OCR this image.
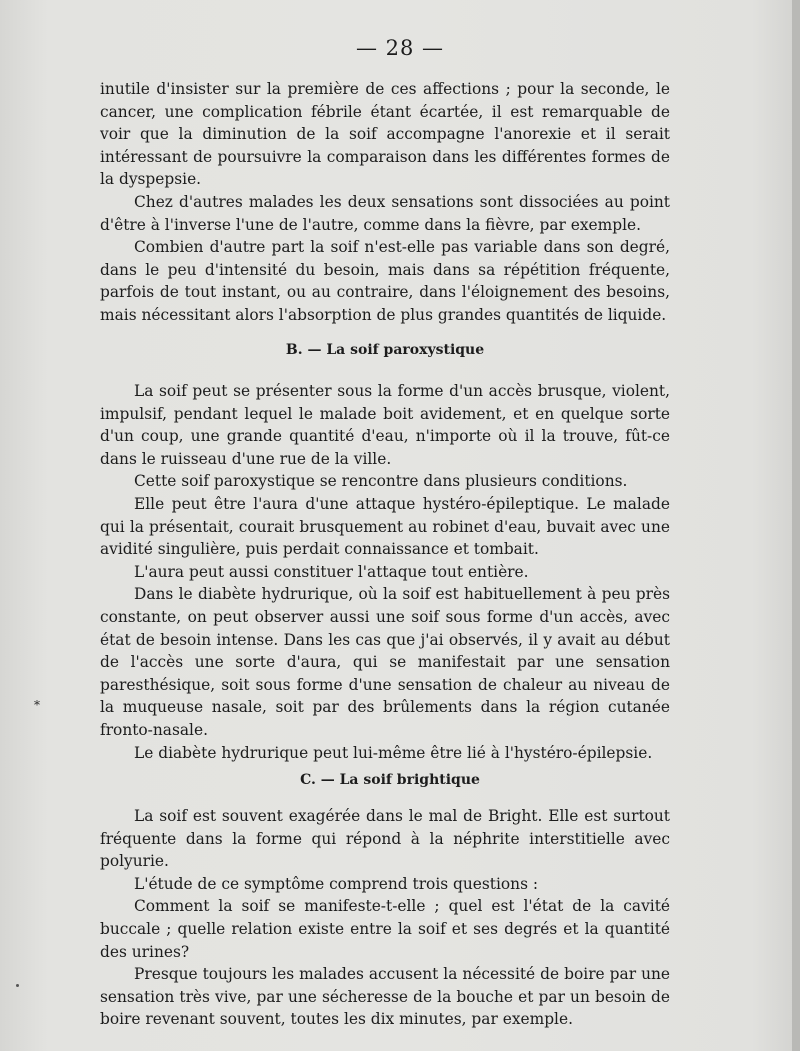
— 28 —

inutile d'insister sur la première de ces affections ; pour la seconde, le cancer, une complication fébrile étant écartée, il est remarquable de voir que la diminution de la soif accompagne l'anorexie et il serait intéressant de poursuivre la comparaison dans les différentes formes de la dyspepsie.

Chez d'autres malades les deux sensations sont dissociées au point d'être à l'inverse l'une de l'autre, comme dans la fièvre, par exemple.

Combien d'autre part la soif n'est-elle pas variable dans son degré, dans le peu d'intensité du besoin, mais dans sa répétition fréquente, parfois de tout instant, ou au contraire, dans l'éloignement des besoins, mais nécessitant alors l'absorption de plus grandes quantités de liquide.

B. — La soif paroxystique

La soif peut se présenter sous la forme d'un accès brusque, violent, impulsif, pendant lequel le malade boit avidement, et en quelque sorte d'un coup, une grande quantité d'eau, n'importe où il la trouve, fût-ce dans le ruisseau d'une rue de la ville.

Cette soif paroxystique se rencontre dans plusieurs conditions.

Elle peut être l'aura d'une attaque hystéro-épileptique. Le malade qui la présentait, courait brusquement au robinet d'eau, buvait avec une avidité singulière, puis perdait connaissance et tombait.

L'aura peut aussi constituer l'attaque tout entière.

Dans le diabète hydrurique, où la soif est habituellement à peu près constante, on peut observer aussi une soif sous forme d'un accès, avec état de besoin intense. Dans les cas que j'ai observés, il y avait au début de l'accès une sorte d'aura, qui se manifestait par une sensation paresthésique, soit sous forme d'une sensation de chaleur au niveau de la muqueuse nasale, soit par des brûlements dans la région cutanée fronto-nasale.

Le diabète hydrurique peut lui-même être lié à l'hystéro-épilepsie.

C. — La soif brightique

La soif est souvent exagérée dans le mal de Bright. Elle est surtout fréquente dans la forme qui répond à la néphrite interstitielle avec polyurie.

L'étude de ce symptôme comprend trois questions :

Comment la soif se manifeste-t-elle ; quel est l'état de la cavité buccale ; quelle relation existe entre la soif et ses degrés et la quantité des urines?

Presque toujours les malades accusent la nécessité de boire par une sensation très vive, par une sécheresse de la bouche et par un besoin de boire revenant souvent, toutes les dix minutes, par exemple.

*
